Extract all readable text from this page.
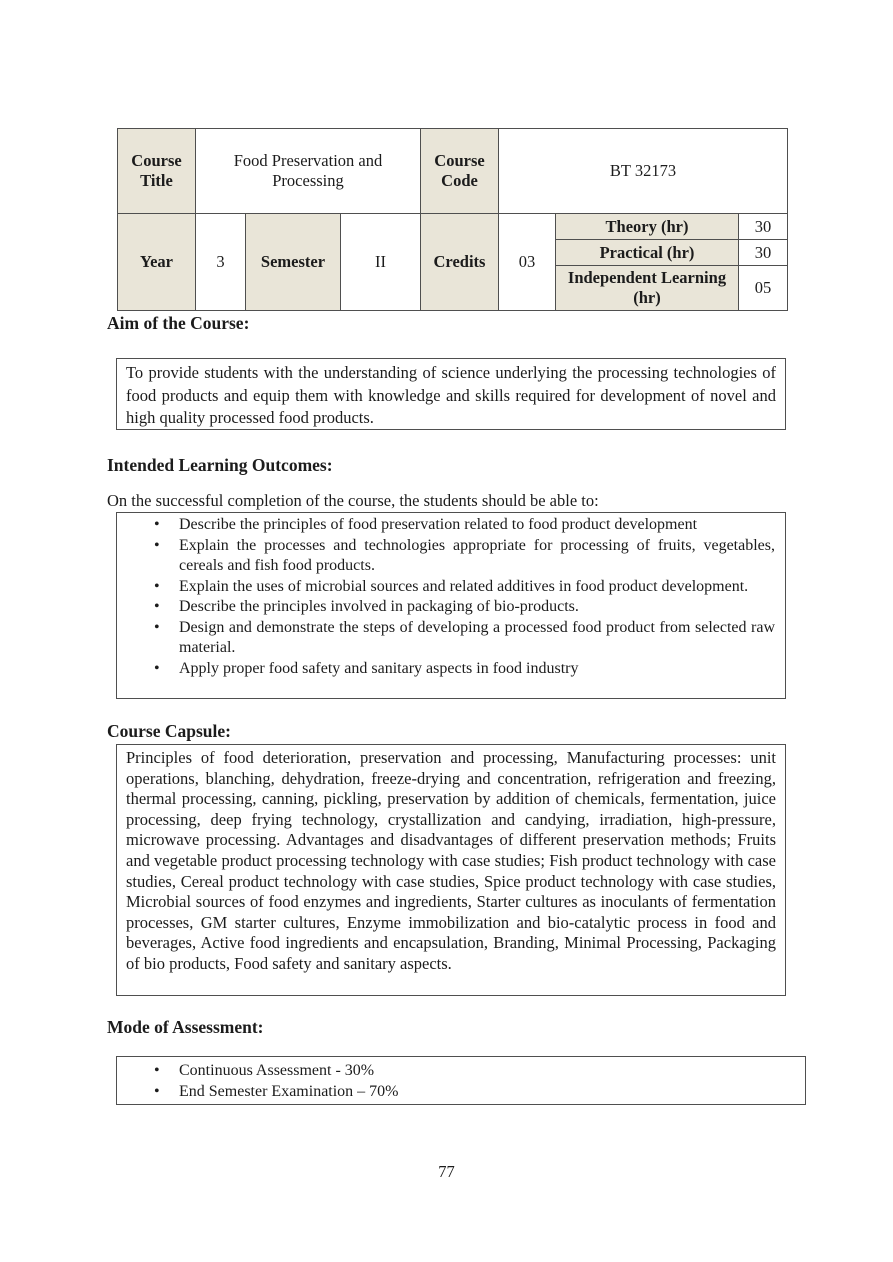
Course Title	Food Preservation and Processing			Course Code	BT 32173		
Year	3	Semester	II	Credits	03	Theory (hr)	30
						Practical (hr)	30
						Independent Learning (hr)	05
Aim of the Course:

To provide students with the understanding of science underlying the processing technologies of food products and equip them with knowledge and skills required for development of novel and high quality processed food products.

Intended Learning Outcomes:
On the successful completion of the course, the students should be able to:
• Describe the principles of food preservation related to food product development
• Explain the processes and technologies appropriate for processing of fruits, vegetables, cereals and fish food products.
• Explain the uses of microbial sources and related additives in food product development.
• Describe the principles involved in packaging of bio-products.
• Design and demonstrate the steps of developing a processed food product from selected raw material.
• Apply proper food safety and sanitary aspects in food industry
Course Capsule:

Principles of food deterioration, preservation and processing, Manufacturing processes: unit operations, blanching, dehydration, freeze-drying and concentration, refrigeration and freezing, thermal processing, canning, pickling, preservation by addition of chemicals, fermentation, juice processing, deep frying technology, crystallization and candying, irradiation, high-pressure, microwave processing. Advantages and disadvantages of different preservation methods; Fruits and vegetable product processing technology with case studies; Fish product technology with case studies, Cereal product technology with case studies, Spice product technology with case studies, Microbial sources of food enzymes and ingredients, Starter cultures as inoculants of fermentation processes, GM starter cultures, Enzyme immobilization and bio-catalytic process in food and beverages, Active food ingredients and encapsulation, Branding, Minimal Processing, Packaging of bio products, Food safety and sanitary aspects.

Mode of Assessment:
• Continuous Assessment - 30%
• End Semester Examination – 70%
77
